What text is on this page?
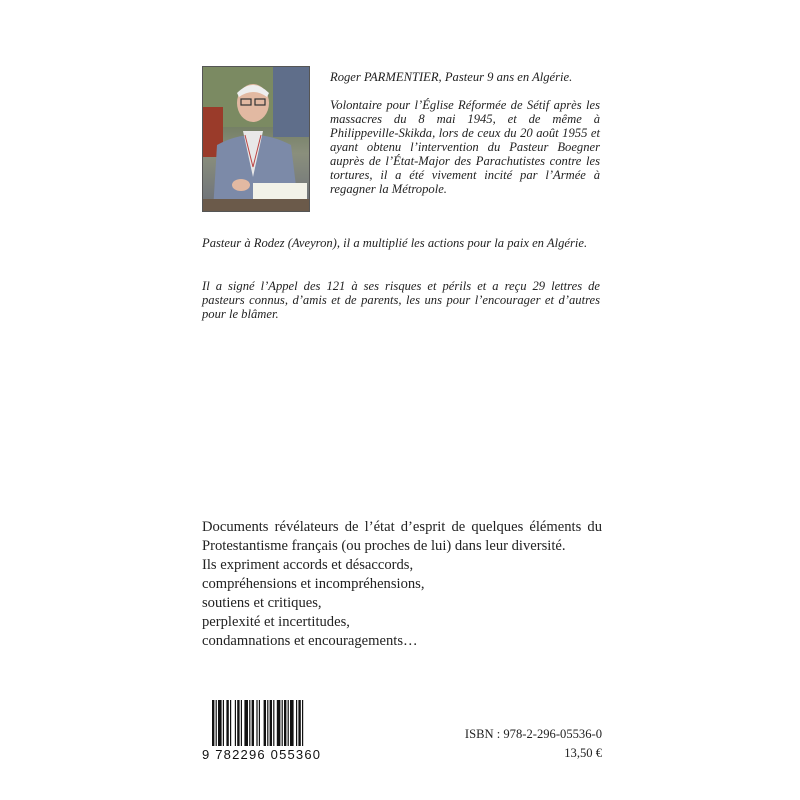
Roger PARMENTIER, Pasteur 9 ans en Algérie.

Volontaire pour l’Église Réformée de Sétif après les massacres du 8 mai 1945, et de même à Philippeville-Skikda, lors de ceux du 20 août 1955 et ayant obtenu l’intervention du Pasteur Boegner auprès de l’État-Major des Parachutistes contre les tortures, il a été vivement incité par l’Armée à regagner la Métropole.

Pasteur à Rodez (Aveyron), il a multiplié les actions pour la paix en Algérie.
Il a signé l’Appel des 121 à ses risques et périls et a reçu 29 lettres de pasteurs connus, d’amis et de parents, les uns pour l’encourager et d’autres pour le blâmer.

Documents révélateurs de l’état d’esprit de quelques éléments du Protestantisme français (ou proches de lui) dans leur diversité.

Ils expriment accords et désaccords,
compréhensions et incompréhensions,
soutiens et critiques,
perplexité et incertitudes,
condamnations et encouragements…
9 782296 055360
ISBN : 978-2-296-05536-0
13,50 €
